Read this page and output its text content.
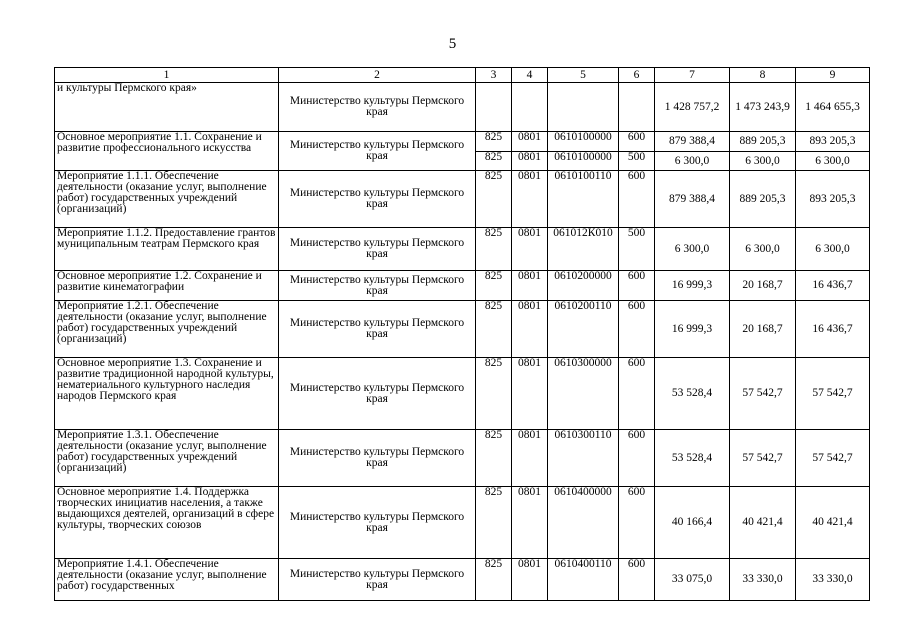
5
1	2	3	4	5	6	7	8	9
и культуры Пермского края»	Министерство культуры Пермского края					1 428 757,2	1 473 243,9	1 464 655,3
Основное мероприятие 1.1. Сохранение и развитие профессионального искусства	Министерство культуры Пермского края	825	0801	0610100000	600	879 388,4	889 205,3	893 205,3
		825	0801	0610100000	500	6 300,0	6 300,0	6 300,0
Мероприятие 1.1.1. Обеспечение деятельности (оказание услуг, выполнение работ) государственных учреждений (организаций)	Министерство культуры Пермского края	825	0801	0610100110	600	879 388,4	889 205,3	893 205,3
Мероприятие 1.1.2. Предоставление грантов муниципальным театрам Пермского края	Министерство культуры Пермского края	825	0801	061012К010	500	6 300,0	6 300,0	6 300,0
Основное мероприятие 1.2. Сохранение и развитие кинематографии	Министерство культуры Пермского края	825	0801	0610200000	600	16 999,3	20 168,7	16 436,7
Мероприятие 1.2.1. Обеспечение деятельности (оказание услуг, выполнение работ) государственных учреждений (организаций)	Министерство культуры Пермского края	825	0801	0610200110	600	16 999,3	20 168,7	16 436,7
Основное мероприятие 1.3. Сохранение и развитие традиционной народной культуры, нематериального культурного наследия народов Пермского края	Министерство культуры Пермского края	825	0801	0610300000	600	53 528,4	57 542,7	57 542,7
Мероприятие 1.3.1. Обеспечение деятельности (оказание услуг, выполнение работ) государственных учреждений (организаций)	Министерство культуры Пермского края	825	0801	0610300110	600	53 528,4	57 542,7	57 542,7
Основное мероприятие 1.4. Поддержка творческих инициатив населения, а также выдающихся деятелей, организаций в сфере культуры, творческих союзов	Министерство культуры Пермского края	825	0801	0610400000	600	40 166,4	40 421,4	40 421,4
Мероприятие 1.4.1. Обеспечение деятельности (оказание услуг, выполнение работ) государственных	Министерство культуры Пермского края	825	0801	0610400110	600	33 075,0	33 330,0	33 330,0
